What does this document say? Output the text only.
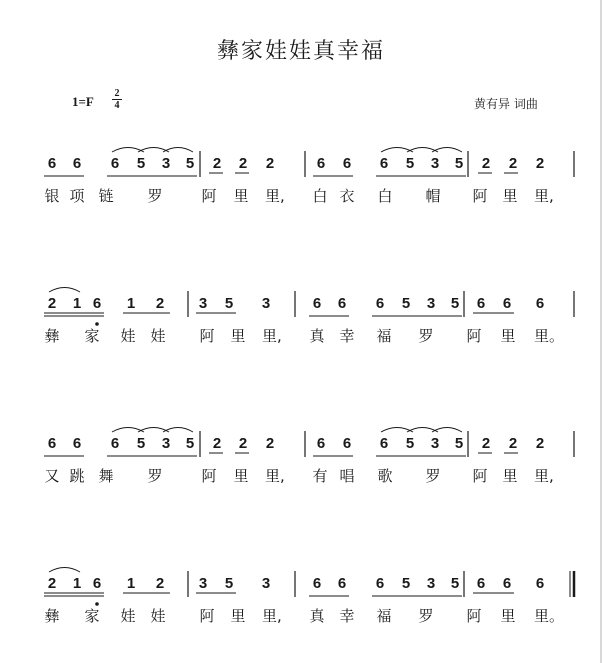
彝家娃娃真幸福
1=F
2
4	黄有异 词曲
6 6 6 5 3 5 2 2 2	6 6 6 5 3 5 2 2 2
银 项 链 罗	阿 里 里, 白 衣 白 帽 阿 里 里,
2 1 6 1 2 3 5 3	6 6 6 5 3 5 6 6 6
彝 家 娃 娃 阿 里 里, 真 幸 福 罗 阿 里 里。
6 6 6 5 3 5 2 2 2	6 6 6 5 3 5 2 2 2
又 跳 舞 罗	阿 里 里, 有 唱 歌 罗 阿 里 里,
2 1 6 1 2 3 5 3	6 6 6 5 3 5 6 6 6
彝 家 娃 娃 阿 里 里, 真 幸 福 罗 阿 里 里。
